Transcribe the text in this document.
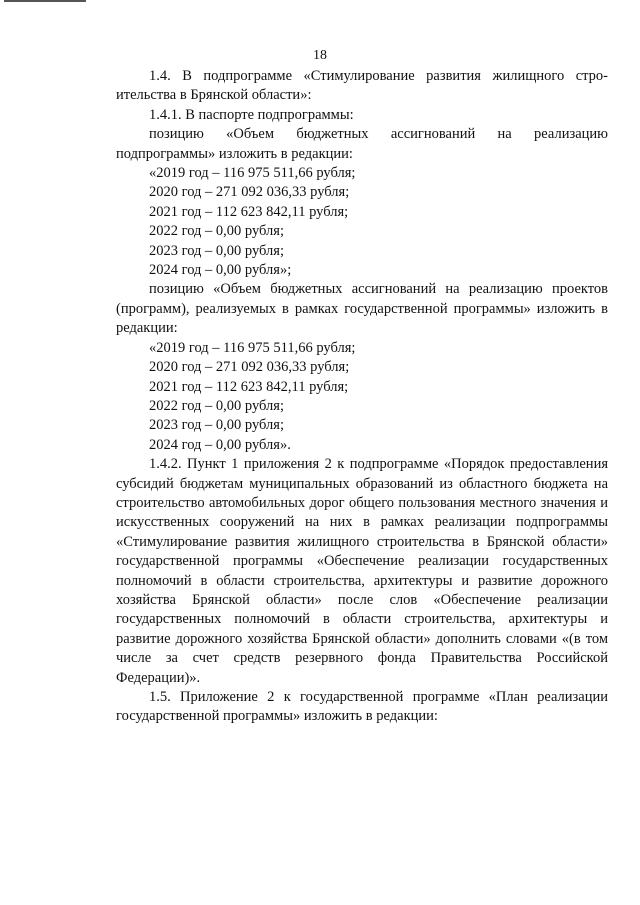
18

1.4. В подпрограмме «Стимулирование развития жилищного стро-

ительства в Брянской области»:

1.4.1. В паспорте подпрограммы:

позицию «Объем бюджетных ассигнований на реализацию

подпрограммы» изложить в редакции:

«2019 год – 116 975 511,66 рубля;

2020 год – 271 092 036,33 рубля;

2021 год – 112 623 842,11 рубля;

2022 год – 0,00 рубля;

2023 год – 0,00 рубля;

2024 год – 0,00 рубля»;

позицию «Объем бюджетных ассигнований на реализацию проектов (программ), реализуемых в рамках государственной программы» изложить в редакции:

«2019 год – 116 975 511,66 рубля;

2020 год – 271 092 036,33 рубля;

2021 год – 112 623 842,11 рубля;

2022 год – 0,00 рубля;

2023 год – 0,00 рубля;

2024 год – 0,00 рубля».

1.4.2. Пункт 1 приложения 2 к подпрограмме «Порядок предоставления субсидий бюджетам муниципальных образований из областного бюджета на строительство автомобильных дорог общего пользования местного значения и искусственных сооружений на них в рамках реализации подпрограммы «Стимулирование развития жилищного строительства в Брянской области» государственной программы «Обеспечение реализации государственных полномочий в области строительства, архитектуры и развитие дорожного хозяйства Брянской области» после слов «Обеспечение реализации государственных полномочий в области строительства, архитектуры и развитие дорожного хозяйства Брянской области» дополнить словами «(в том числе за счет средств резервного фонда Правительства Российской Федерации)».

1.5. Приложение 2 к государственной программе «План реализации государственной программы» изложить в редакции:
